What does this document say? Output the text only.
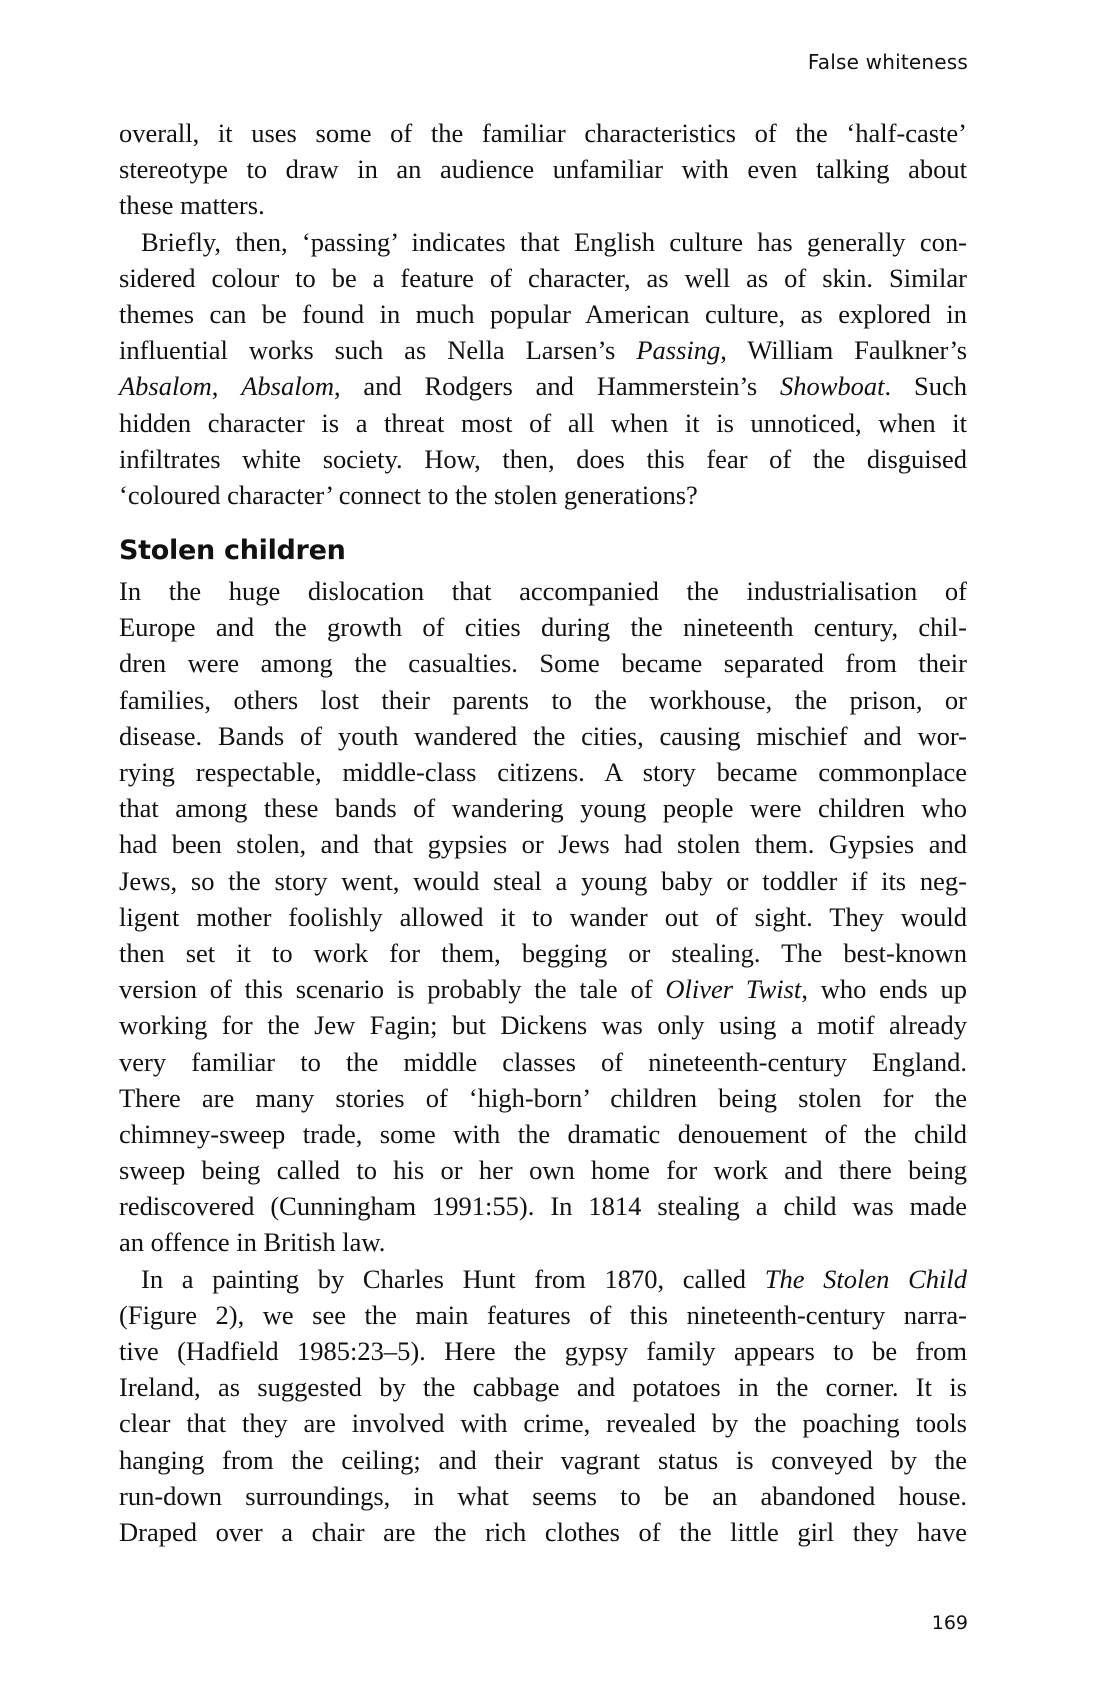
False whiteness
overall, it uses some of the familiar characteristics of the ‘half-caste’
stereotype to draw in an audience unfamiliar with even talking about
these matters.
Briefly, then, ‘passing’ indicates that English culture has generally con-
sidered colour to be a feature of character, as well as of skin. Similar
themes can be found in much popular American culture, as explored in
influential works such as Nella Larsen’s Passing, William Faulkner’s
Absalom, Absalom, and Rodgers and Hammerstein’s Showboat. Such
hidden character is a threat most of all when it is unnoticed, when it
infiltrates white society. How, then, does this fear of the disguised
‘coloured character’ connect to the stolen generations?
Stolen children
In the huge dislocation that accompanied the industrialisation of
Europe and the growth of cities during the nineteenth century, chil-
dren were among the casualties. Some became separated from their
families, others lost their parents to the workhouse, the prison, or
disease. Bands of youth wandered the cities, causing mischief and wor-
rying respectable, middle-class citizens. A story became commonplace
that among these bands of wandering young people were children who
had been stolen, and that gypsies or Jews had stolen them. Gypsies and
Jews, so the story went, would steal a young baby or toddler if its neg-
ligent mother foolishly allowed it to wander out of sight. They would
then set it to work for them, begging or stealing. The best-known
version of this scenario is probably the tale of Oliver Twist, who ends up
working for the Jew Fagin; but Dickens was only using a motif already
very familiar to the middle classes of nineteenth-century England.
There are many stories of ‘high-born’ children being stolen for the
chimney-sweep trade, some with the dramatic denouement of the child
sweep being called to his or her own home for work and there being
rediscovered (Cunningham 1991:55). In 1814 stealing a child was made
an offence in British law.
In a painting by Charles Hunt from 1870, called The Stolen Child
(Figure 2), we see the main features of this nineteenth-century narra-
tive (Hadfield 1985:23–5). Here the gypsy family appears to be from
Ireland, as suggested by the cabbage and potatoes in the corner. It is
clear that they are involved with crime, revealed by the poaching tools
hanging from the ceiling; and their vagrant status is conveyed by the
run-down surroundings, in what seems to be an abandoned house.
Draped over a chair are the rich clothes of the little girl they have
169
